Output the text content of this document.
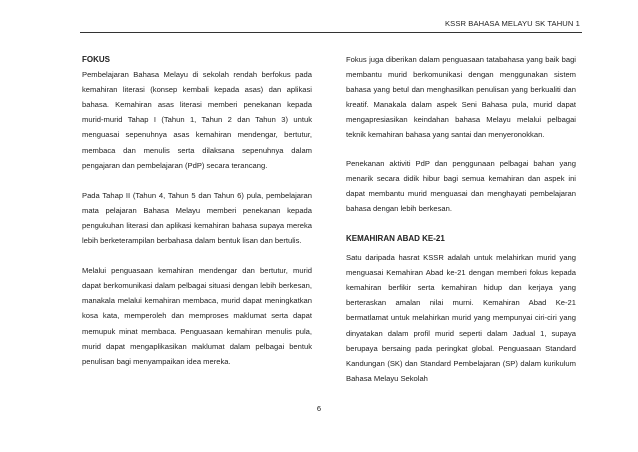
KSSR BAHASA MELAYU SK TAHUN 1

FOKUS

Pembelajaran Bahasa Melayu di sekolah rendah berfokus pada kemahiran literasi (konsep kembali kepada asas) dan aplikasi bahasa. Kemahiran asas literasi memberi penekanan kepada murid-murid Tahap I (Tahun 1, Tahun 2 dan Tahun 3) untuk menguasai sepenuhnya asas kemahiran mendengar, bertutur, membaca dan menulis serta dilaksana sepenuhnya dalam pengajaran dan pembelajaran (PdP) secara terancang.

Pada Tahap II (Tahun 4, Tahun 5 dan Tahun 6) pula, pembelajaran mata pelajaran Bahasa Melayu memberi penekanan kepada pengukuhan literasi dan aplikasi kemahiran bahasa supaya mereka lebih berketerampilan berbahasa dalam bentuk lisan dan bertulis.

Melalui penguasaan kemahiran mendengar dan bertutur, murid dapat berkomunikasi dalam pelbagai situasi dengan lebih berkesan, manakala melalui kemahiran membaca, murid dapat meningkatkan kosa kata, memperoleh dan memproses maklumat serta dapat memupuk minat membaca. Penguasaan kemahiran menulis pula, murid dapat mengaplikasikan maklumat dalam pelbagai bentuk penulisan bagi menyampaikan idea mereka.

Fokus juga diberikan dalam penguasaan tatabahasa yang baik bagi membantu murid berkomunikasi dengan menggunakan sistem bahasa yang betul dan menghasilkan penulisan yang berkualiti dan kreatif. Manakala dalam aspek Seni Bahasa pula, murid dapat mengapresiasikan keindahan bahasa Melayu melalui pelbagai teknik kemahiran bahasa yang santai dan menyeronokkan.

Penekanan aktiviti PdP dan penggunaan pelbagai bahan yang menarik secara didik hibur bagi semua kemahiran dan aspek ini dapat membantu murid menguasai dan menghayati pembelajaran bahasa dengan lebih berkesan.

KEMAHIRAN ABAD KE-21

Satu daripada hasrat KSSR adalah untuk melahirkan murid yang menguasai Kemahiran Abad ke-21 dengan memberi fokus kepada kemahiran berfikir serta kemahiran hidup dan kerjaya yang berteraskan amalan nilai murni. Kemahiran Abad Ke-21 bermatlamat untuk melahirkan murid yang mempunyai ciri-ciri yang dinyatakan dalam profil murid seperti dalam Jadual 1, supaya berupaya bersaing pada peringkat global. Penguasaan Standard Kandungan (SK) dan Standard Pembelajaran (SP) dalam kurikulum Bahasa Melayu Sekolah

6
